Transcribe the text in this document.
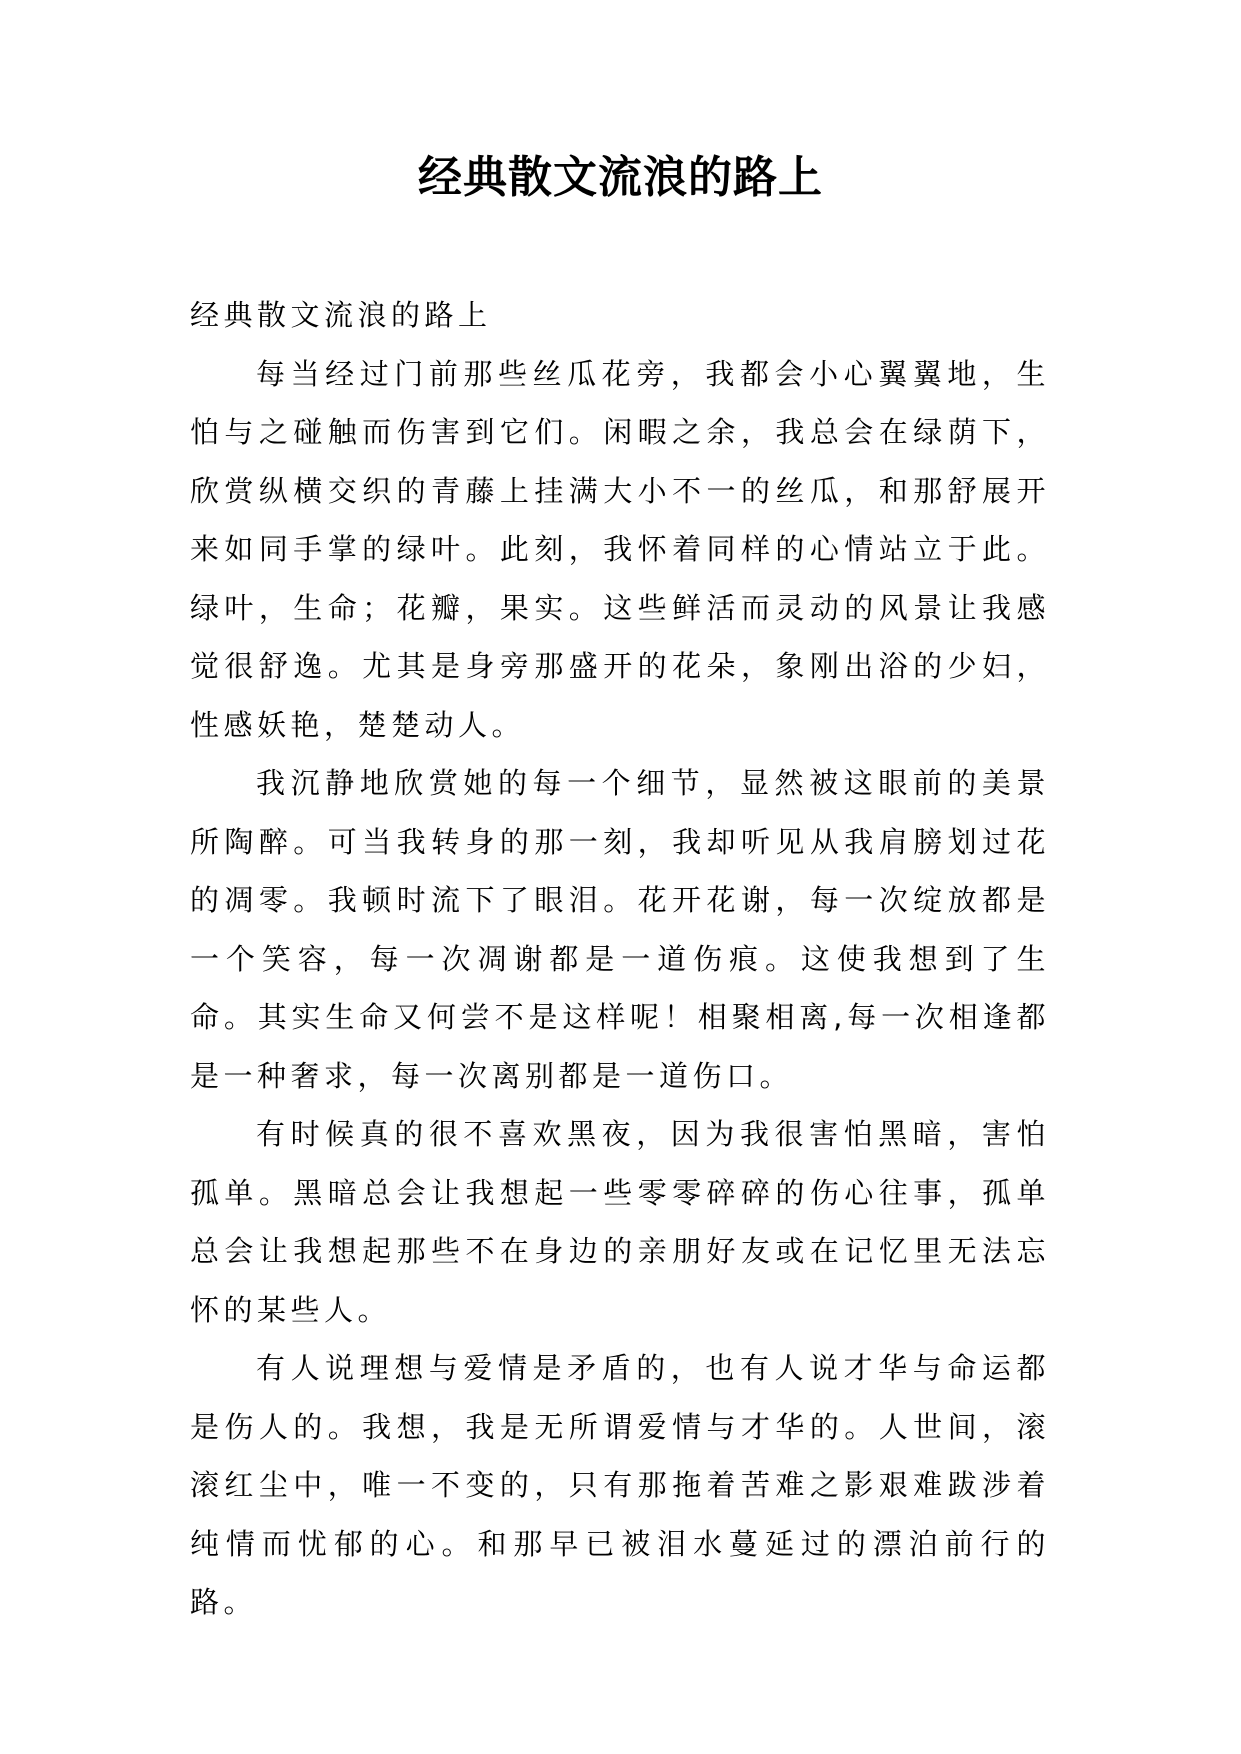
经典散文流浪的路上

经典散文流浪的路上

每当经过门前那些丝瓜花旁，我都会小心翼翼地，生怕与之碰触而伤害到它们。闲暇之余，我总会在绿荫下，欣赏纵横交织的青藤上挂满大小不一的丝瓜，和那舒展开来如同手掌的绿叶。此刻，我怀着同样的心情站立于此。绿叶，生命；花瓣，果实。这些鲜活而灵动的风景让我感觉很舒逸。尤其是身旁那盛开的花朵，象刚出浴的少妇，性感妖艳，楚楚动人。

我沉静地欣赏她的每一个细节，显然被这眼前的美景所陶醉。可当我转身的那一刻，我却听见从我肩膀划过花的凋零。我顿时流下了眼泪。花开花谢，每一次绽放都是一个笑容，每一次凋谢都是一道伤痕。这使我想到了生命。其实生命又何尝不是这样呢！相聚相离,每一次相逢都是一种奢求，每一次离别都是一道伤口。

有时候真的很不喜欢黑夜，因为我很害怕黑暗，害怕孤单。黑暗总会让我想起一些零零碎碎的伤心往事，孤单总会让我想起那些不在身边的亲朋好友或在记忆里无法忘怀的某些人。

有人说理想与爱情是矛盾的，也有人说才华与命运都是伤人的。我想，我是无所谓爱情与才华的。人世间，滚滚红尘中，唯一不变的，只有那拖着苦难之影艰难跋涉着纯情而忧郁的心。和那早已被泪水蔓延过的漂泊前行的路。
